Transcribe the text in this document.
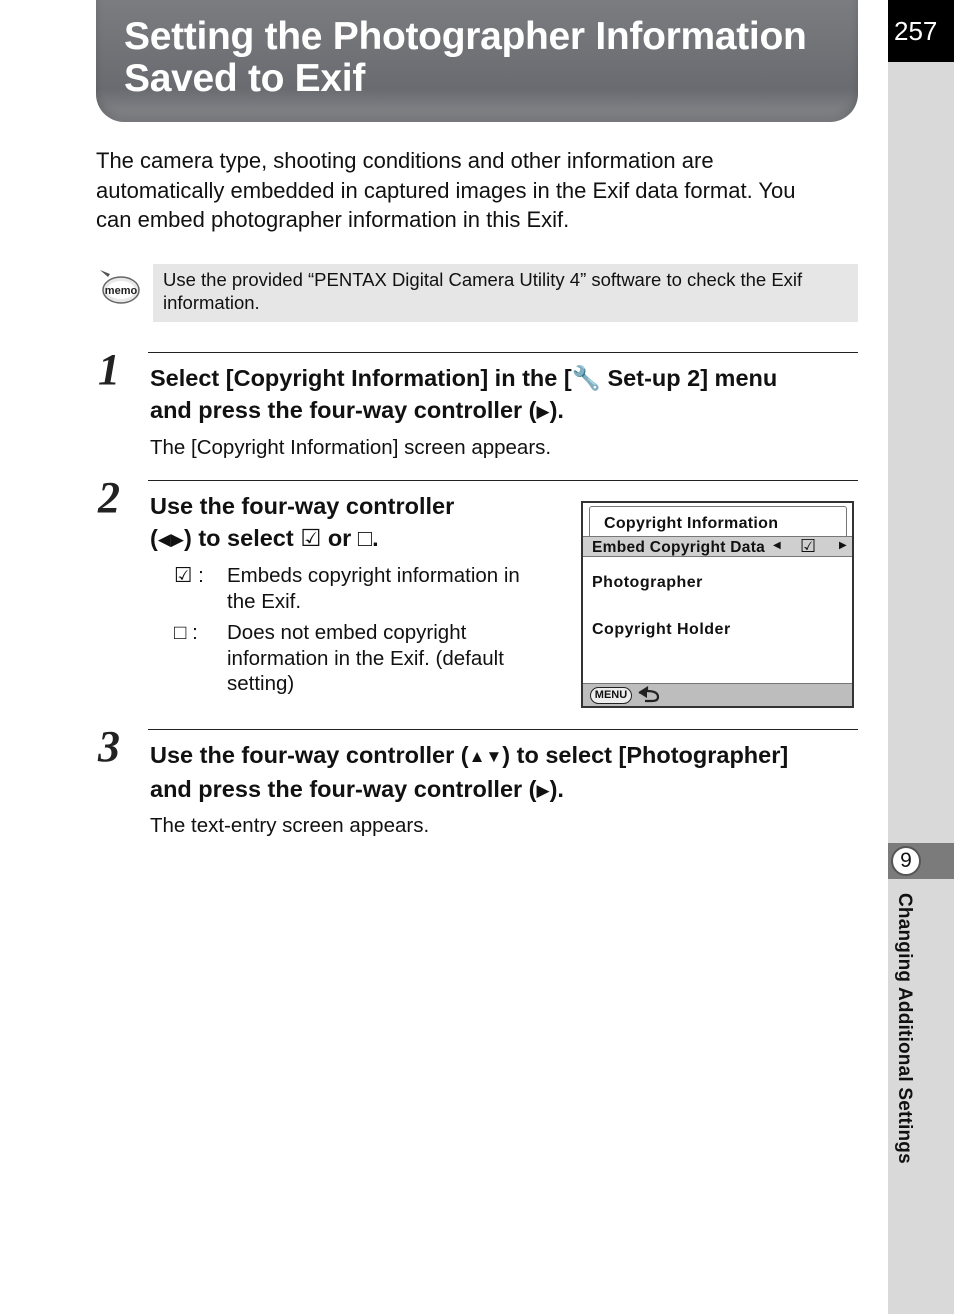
257
9
Changing Additional Settings
Setting the Photographer Information
Saved to Exif
The camera type, shooting conditions and other information are
automatically embedded in captured images in the Exif data format. You
can embed photographer information in this Exif.
memo
Use the provided “PENTAX Digital Camera Utility 4” software to check the Exif
information.
1 Select [Copyright Information] in the [🔧 Set-up 2] menu
and press the four-way controller (▶).
The [Copyright Information] screen appears.
2 Use the four-way controller
(◀▶) to select ☑ or □.
☑ :	Embeds copyright information in
the Exif.
□ :	Does not embed copyright
information in the Exif. (default
setting)
Copyright Information
Embed Copyright Data ◀ ☑ ▶
Photographer
Copyright Holder
MENU
3 Use the four-way controller (▲▼) to select [Photographer]
and press the four-way controller (▶).
The text-entry screen appears.
